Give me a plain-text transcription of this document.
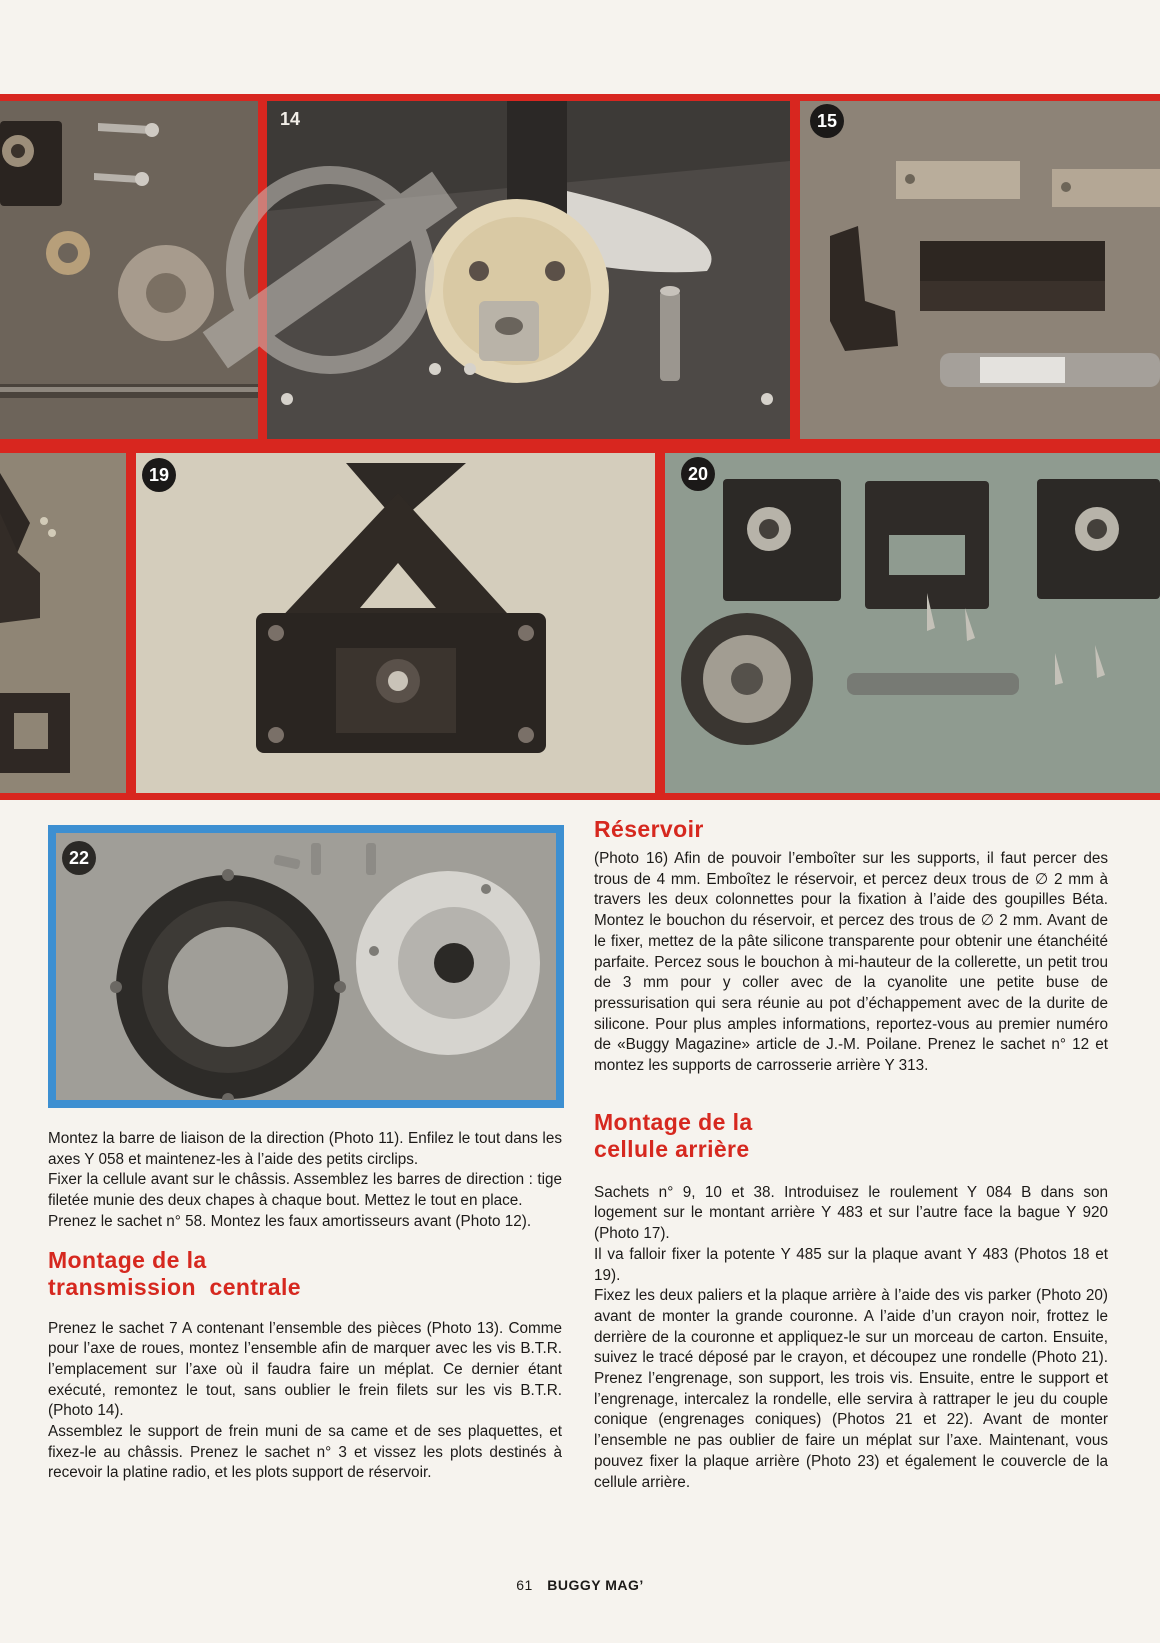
14	15
19	20
22

Montez la barre de liaison de la direction (Photo 11). Enfilez le tout dans les axes Y 058 et maintenez-les à l’aide des petits circlips.

Fixer la cellule avant sur le châssis. Assemblez les barres de direction : tige filetée munie des deux chapes à chaque bout. Mettez le tout en place.

Prenez le sachet n° 58. Montez les faux amortisseurs avant (Photo 12).

Montage de la
transmission  centrale

Prenez le sachet 7 A contenant l’ensemble des pièces (Photo 13). Comme pour l’axe de roues, montez l’ensemble afin de marquer avec les vis B.T.R. l’emplacement sur l’axe où il faudra faire un méplat. Ce dernier étant exécuté, remontez le tout, sans oublier le frein filets sur les vis B.T.R. (Photo 14).

Assemblez le support de frein muni de sa came et de ses plaquettes, et fixez-le au châssis. Prenez le sachet n° 3 et vissez les plots destinés à recevoir la platine radio, et les plots support de réservoir.

Réservoir

(Photo 16) Afin de pouvoir l’emboîter sur les supports, il faut percer des trous de 4 mm. Emboîtez le réservoir, et percez deux trous de ∅ 2 mm à travers les deux colonnettes pour la fixation à l’aide des goupilles Béta. Montez le bouchon du réservoir, et percez des trous de ∅ 2 mm. Avant de le fixer, mettez de la pâte silicone transparente pour obtenir une étanchéité parfaite. Percez sous le bouchon à mi-hauteur de la collerette, un petit trou de 3 mm pour y coller avec de la cyanolite une petite buse de pressurisation qui sera réunie au pot d’échappement avec de la durite de silicone. Pour plus amples informations, reportez-vous au premier numéro de «Buggy Magazine» article de J.-M. Poilane. Prenez le sachet n° 12 et montez les supports de carrosserie arrière Y 313.

Montage de la
cellule arrière

Sachets n° 9, 10 et 38. Introduisez le roulement Y 084 B dans son logement sur le montant arrière Y 483 et sur l’autre face la bague Y 920 (Photo 17).

Il va falloir fixer la potente Y 485 sur la plaque avant Y 483 (Photos 18 et 19).

Fixez les deux paliers et la plaque arrière à l’aide des vis parker (Photo 20) avant de monter la grande couronne. A l’aide d’un crayon noir, frottez le derrière de la couronne et appliquez-le sur un morceau de carton. Ensuite, suivez le tracé déposé par le crayon, et découpez une rondelle (Photo 21). Prenez l’engrenage, son support, les trois vis. Ensuite, entre le support et l’engrenage, intercalez la rondelle, elle servira à rattraper le jeu du couple conique (engrenages coniques) (Photos 21 et 22). Avant de monter l’ensemble ne pas oublier de faire un méplat sur l’axe. Maintenant, vous pouvez fixer la plaque arrière (Photo 23) et également le couvercle de la cellule arrière.

61 BUGGY MAG’
